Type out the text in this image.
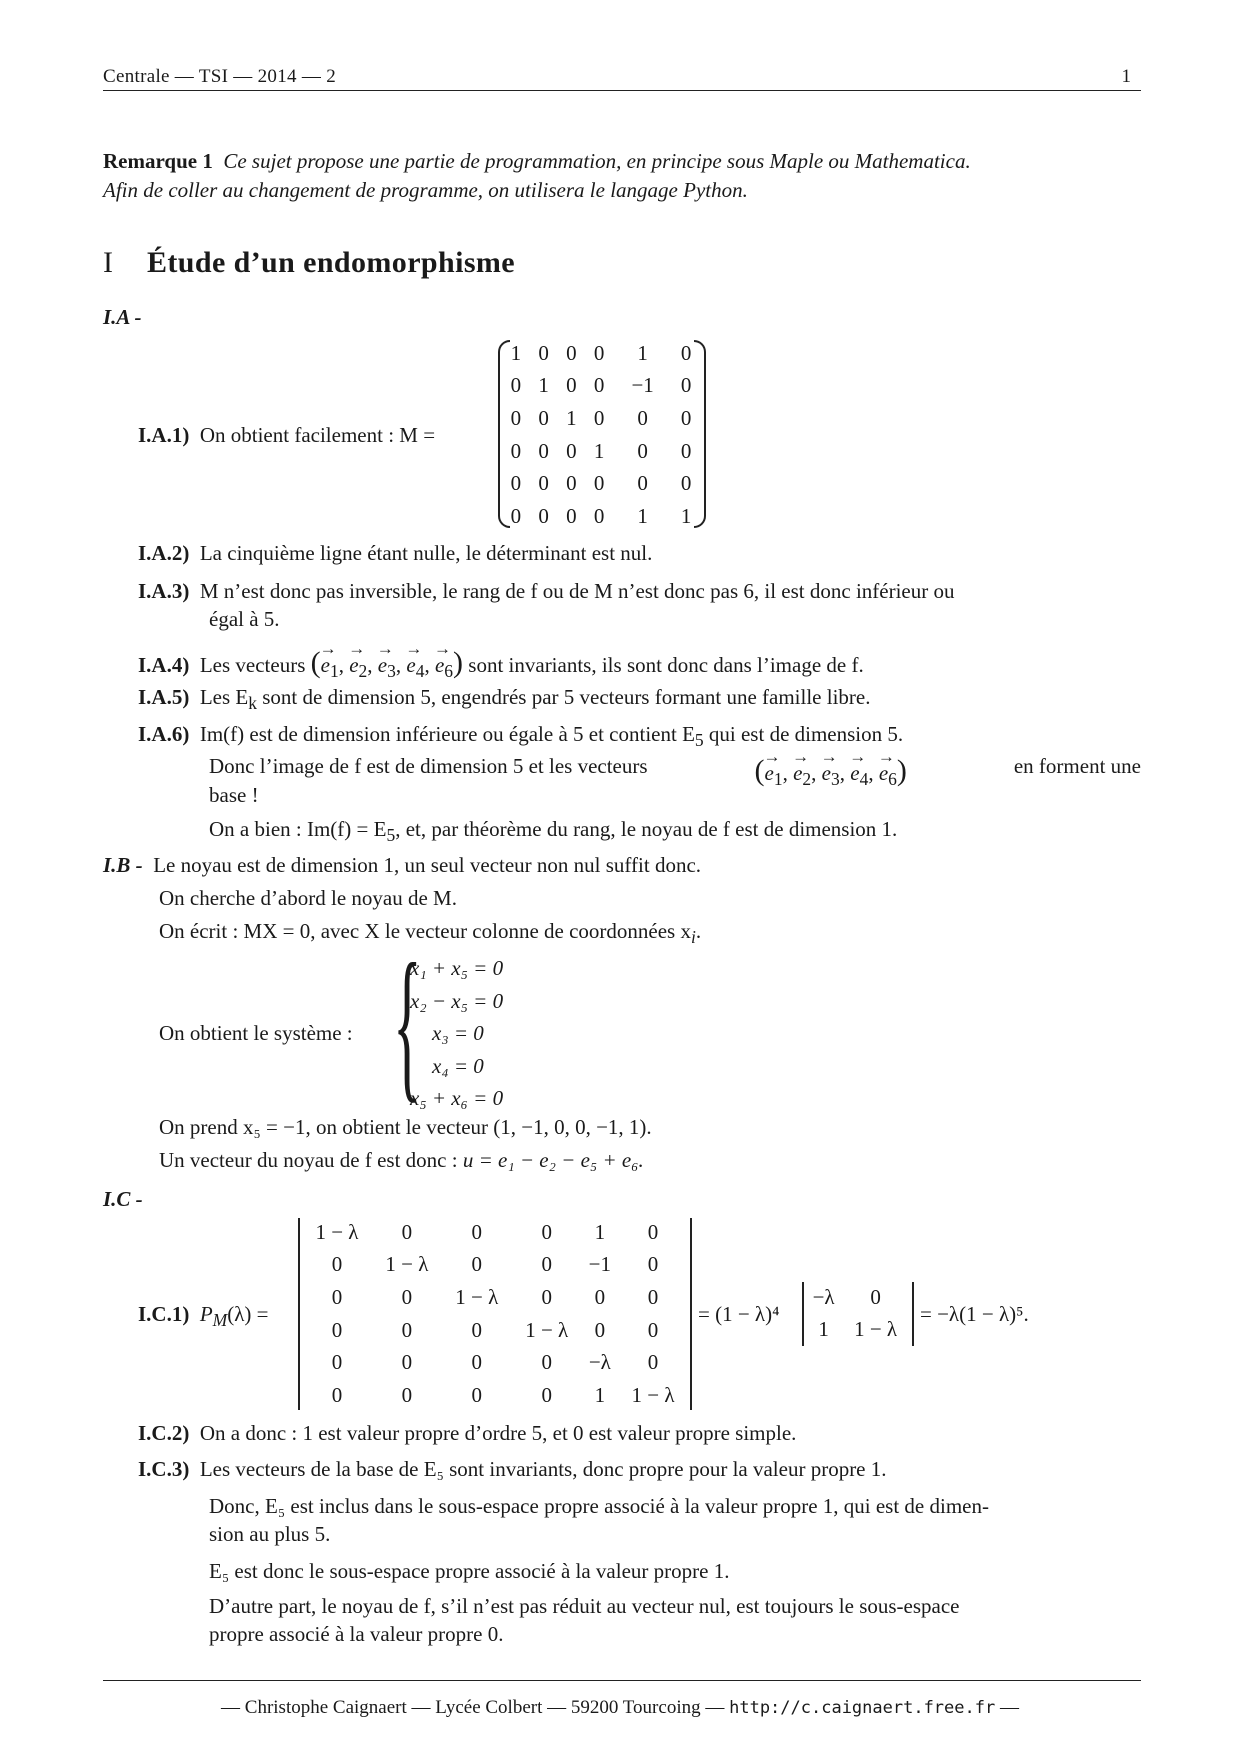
Centrale — TSI — 2014 — 2	1
Remarque 1 Ce sujet propose une partie de programmation, en principe sous Maple ou Mathematica.
Afin de coller au changement de programme, on utilisera le langage Python.
I Étude d’un endomorphisme
I.A -
I.A.1) On obtient facilement : M =
1	0	0	0	1	0
0	1	0	0	−1	0
0	0	1	0	0	0
0	0	0	1	0	0
0	0	0	0	0	0
0	0	0	0	1	1
I.A.2) La cinquième ligne étant nulle, le déterminant est nul.
I.A.3) M n’est donc pas inversible, le rang de f ou de M n’est donc pas 6, il est donc inférieur ou
égal à 5.
I.A.4) Les vecteurs (→ $e_1$, → $e_2$, → $e_3$, → $e_4$, → $e_6$) sont invariants, ils sont donc dans l’image de f.
I.A.5) Les $E_k$ sont de dimension 5, engendrés par 5 vecteurs formant une famille libre.
I.A.6) Im(f) est de dimension inférieure ou égale à 5 et contient $E_5$ qui est de dimension 5.
Donc l’image de f est de dimension 5 et les vecteurs	(→ $e_1$, → $e_2$, → $e_3$, → $e_4$, → $e_6$)	en forment une
base !
On a bien : $Im(f) = E_5$, et, par théorème du rang, le noyau de f est de dimension 1.
I.B - Le noyau est de dimension 1, un seul vecteur non nul suffit donc.
On cherche d’abord le noyau de M.
On écrit : MX = 0, avec X le vecteur colonne de coordonnées $x_i$.
On obtient le système : {
x₁ + x₅ = 0
x₂ − x₅ = 0
x₃ = 0
x₄ = 0
x₅ + x₆ = 0
On prend x₅ = −1, on obtient le vecteur (1, −1, 0, 0, −1, 1).
Un vecteur du noyau de f est donc : u = e₁ − e₂ − e₅ + e₆.
I.C -
I.C.1) $P_M(\lambda)$ =
1 − λ	0	0	0	1	0
0	1 − λ	0	0	−1	0
0	0	1 − λ	0	0	0
0	0	0	1 − λ	0	0
0	0	0	0	−λ	0
0	0	0	0	1	1 − λ
= (1 − λ)⁴
−λ	0
1	1 − λ
= −λ(1 − λ)⁵.
I.C.2) On a donc : 1 est valeur propre d’ordre 5, et 0 est valeur propre simple.
I.C.3) Les vecteurs de la base de E₅ sont invariants, donc propre pour la valeur propre 1.
Donc, E₅ est inclus dans le sous-espace propre associé à la valeur propre 1, qui est de dimen-
sion au plus 5.
E₅ est donc le sous-espace propre associé à la valeur propre 1.
D’autre part, le noyau de f, s’il n’est pas réduit au vecteur nul, est toujours le sous-espace
propre associé à la valeur propre 0.
— Christophe Caignaert — Lycée Colbert — 59200 Tourcoing — http://c.caignaert.free.fr —
